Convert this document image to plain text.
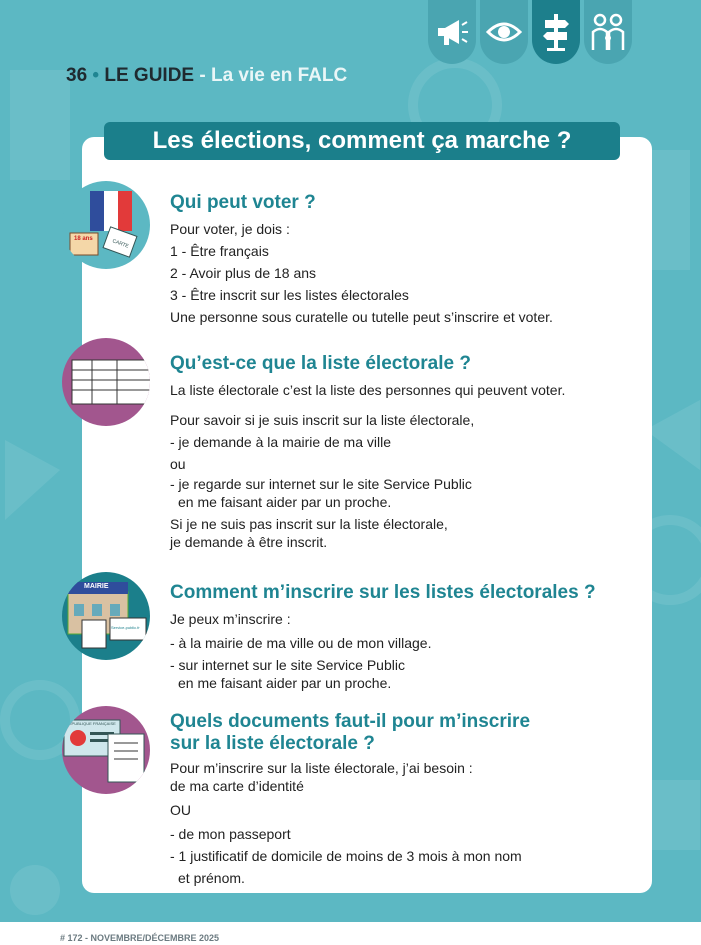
36 • LE GUIDE - La vie en FALC
Les élections, comment ça marche ?
18 ans	CARTE
Qui peut voter ?
Pour voter, je dois :
1 - Être français
2 - Avoir plus de 18 ans
3 - Être inscrit sur les listes électorales
Une personne sous curatelle ou tutelle peut s’inscrire et voter.
Qu’est-ce que la liste électorale ?
La liste électorale c’est la liste des personnes qui peuvent voter.
Pour savoir si je suis inscrit sur la liste électorale,
- je demande à la mairie de ma ville
ou
- je regarde sur internet sur le site Service Public
en me faisant aider par un proche.
Si je ne suis pas inscrit sur la liste électorale,
je demande à être inscrit.
MAIRIE
Service-public.fr
Comment m’inscrire sur les listes électorales ?
Je peux m’inscrire :
- à la mairie de ma ville ou de mon village.
- sur internet sur le site Service Public
en me faisant aider par un proche.
RÉPUBLIQUE FRANÇAISE	Quels documents faut-il pour m’inscrire
sur la liste électorale ?
Pour m’inscrire sur la liste électorale, j’ai besoin :
de ma carte d’identité
OU
- de mon passeport
- 1 justificatif de domicile de moins de 3 mois à mon nom
et prénom.
# 172 - NOVEMBRE/DÉCEMBRE 2025
